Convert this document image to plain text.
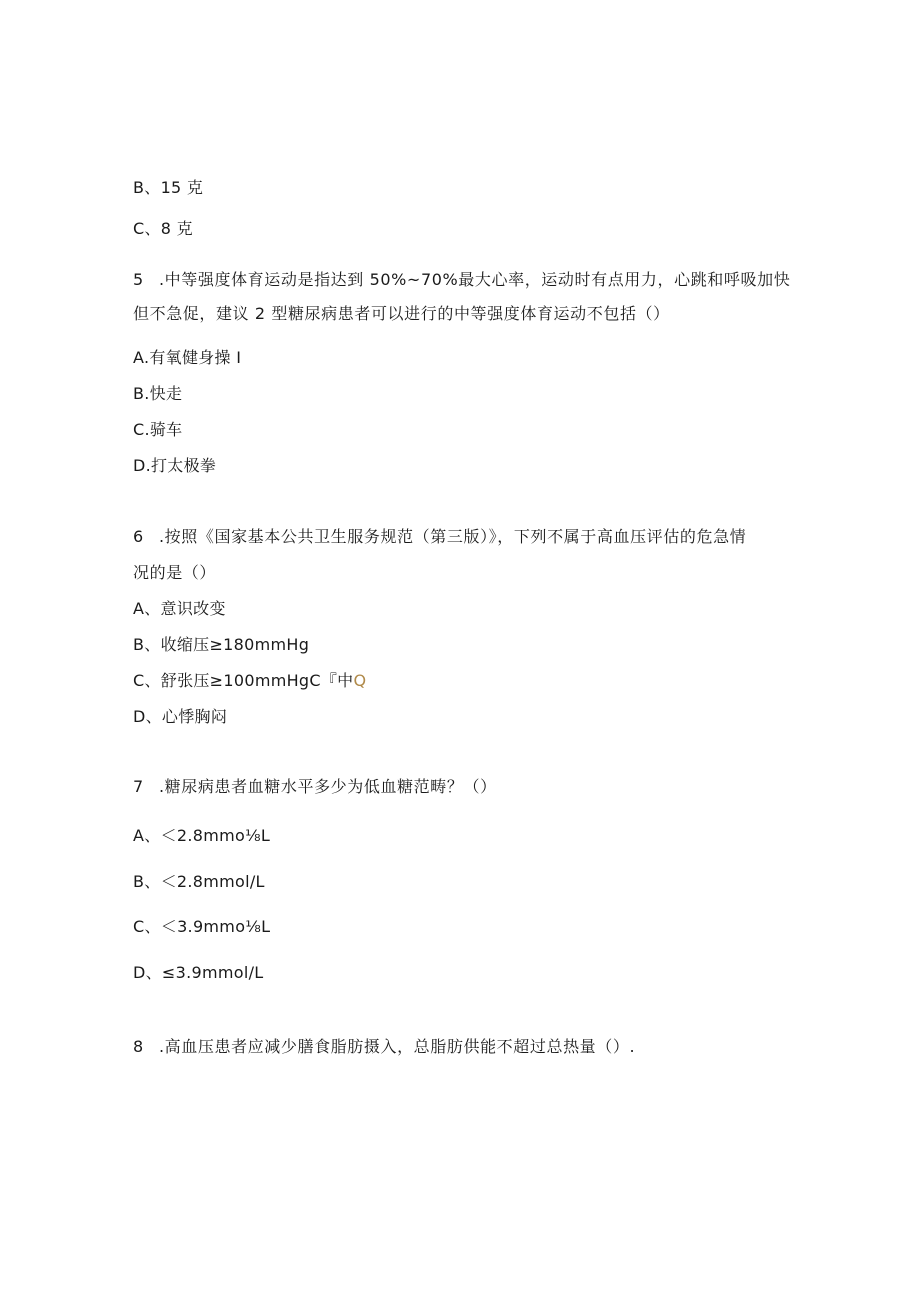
B、15 克
C、8 克
5 .中等强度体育运动是指达到 50%~70%最大心率，运动时有点用力，心跳和呼吸加快
但不急促，建议 2 型糖尿病患者可以进行的中等强度体育运动不包括（）
A.有氧健身操 I
B.快走
C.骑车
D.打太极拳
6 .按照《国家基本公共卫生服务规范（第三版）》，下列不属于高血压评估的危急情
况的是（）
A、意识改变
B、收缩压≥180mmHg
C、舒张压≥100mmHgC『中Q
D、心悸胸闷
7 .糖尿病患者血糖水平多少为低血糖范畴？（）
A、＜2.8mmo⅛L
B、＜2.8mmol/L
C、＜3.9mmo⅛L
D、≤3.9mmol/L
8 .高血压患者应减少膳食脂肪摄入，总脂肪供能不超过总热量（）.
